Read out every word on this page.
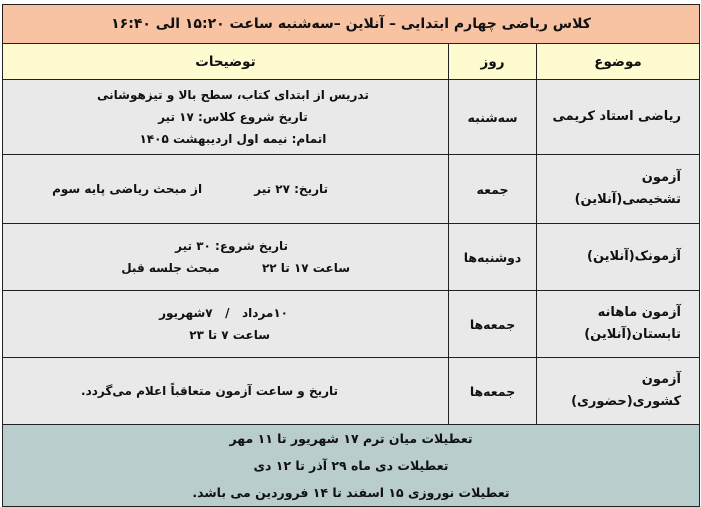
کلاس ریاضی چهارم ابتدایی – آنلاین –سه‌شنبه ساعت ۱۵:۲۰ الی ۱۶:۴۰		
موضوع	روز	توضیحات

ریاضی استاد کریمی	سه‌شنبه	تدریس از ابتدای کتاب، سطح بالا و تیزهوشانی
تاریخ شروع کلاس: ۱۷ تیر
اتمام: نیمه اول اردیبهشت ۱۴۰۵

آزمون تشخیصی(آنلاین)	جمعه	تاریخ: ۲۷ تیر از مبحث ریاضی پایه سوم

آزمونک(آنلاین)	دوشنبه‌ها	تاریخ شروع: ۳۰ تیر
ساعت ۱۷ تا ۲۲ مبحث جلسه قبل

آزمون ماهانه
تابستان(آنلاین)	جمعه‌ها	۱۰مرداد   /   ۷شهریور
ساعت ۷ تا ۲۳

آزمون کشوری(حضوری)	جمعه‌ها	تاریخ و ساعت آزمون متعاقباً اعلام می‌گردد.

تعطیلات میان ترم ۱۷ شهریور تا ۱۱ مهر
تعطیلات دی ماه ۲۹ آذر تا ۱۲ دی
تعطیلات نوروزی ۱۵ اسفند تا ۱۴ فروردین می باشد.		
